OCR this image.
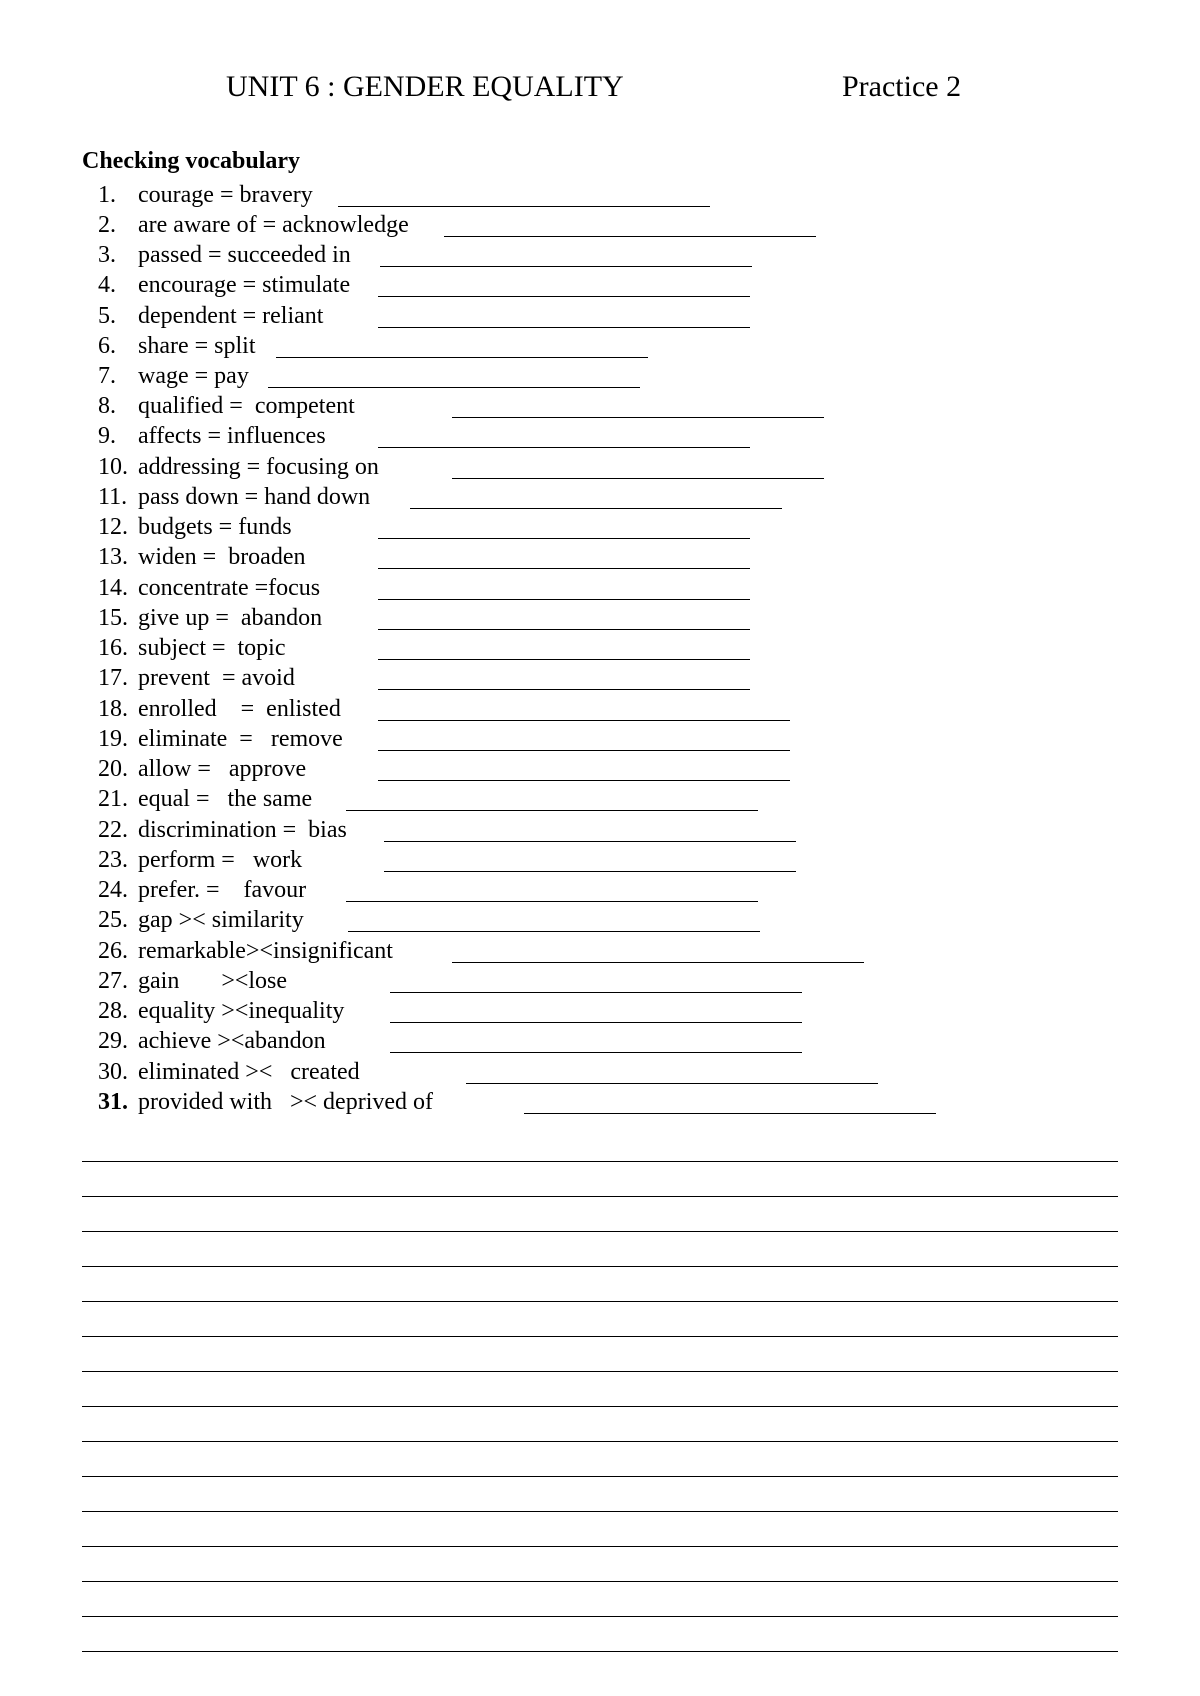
UNIT 6 : GENDER EQUALITY	Practice 2
Checking vocabulary
1. courage = bravery
2. are aware of = acknowledge
3. passed = succeeded in
4. encourage = stimulate
5. dependent = reliant
6. share = split
7. wage = pay
8. qualified =  competent
9. affects = influences
10. addressing = focusing on
11. pass down = hand down
12. budgets = funds
13. widen =  broaden
14. concentrate =focus
15. give up =  abandon
16. subject =  topic
17. prevent  = avoid
18. enrolled    =  enlisted
19. eliminate  =   remove
20. allow =   approve
21. equal =   the same
22. discrimination =  bias
23. perform =   work
24. prefer. =    favour
25. gap >< similarity
26. remarkable><insignificant
27. gain       ><lose
28. equality ><inequality
29. achieve ><abandon
30. eliminated ><   created
31. provided with   >< deprived of
